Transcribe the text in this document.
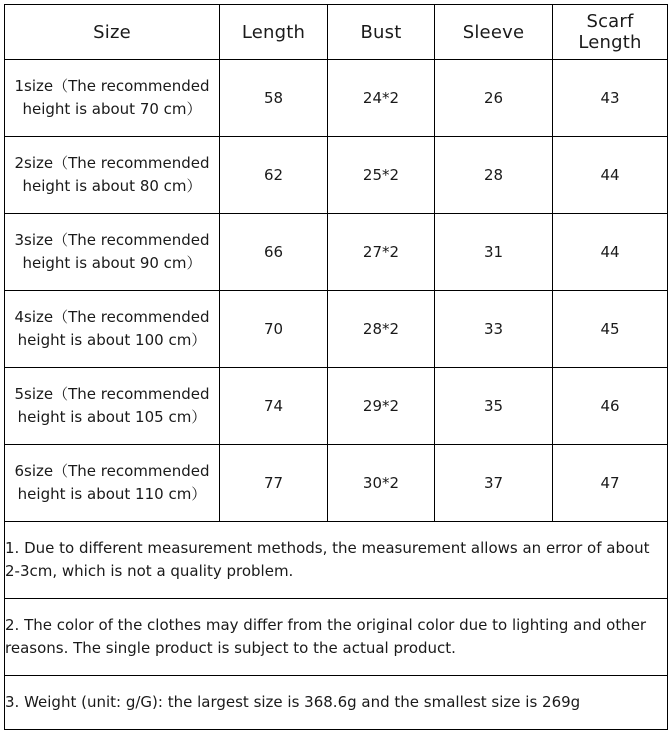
Size	Length	Bust	Sleeve	Scarf Length
1size（The recommended
height is about 70 cm）	58	24*2	26	43
2size（The recommended
height is about 80 cm）	62	25*2	28	44
3size（The recommended
height is about 90 cm）	66	27*2	31	44
4size（The recommended
height is about 100 cm）	70	28*2	33	45
5size（The recommended
height is about 105 cm）	74	29*2	35	46
6size（The recommended
height is about 110 cm）	77	30*2	37	47
1. Due to different measurement methods, the measurement allows an error of about 2-3cm, which is not a quality problem.				
2. The color of the clothes may differ from the original color due to lighting and other reasons. The single product is subject to the actual product.				
3. Weight (unit: g/G): the largest size is 368.6g and the smallest size is 269g				
